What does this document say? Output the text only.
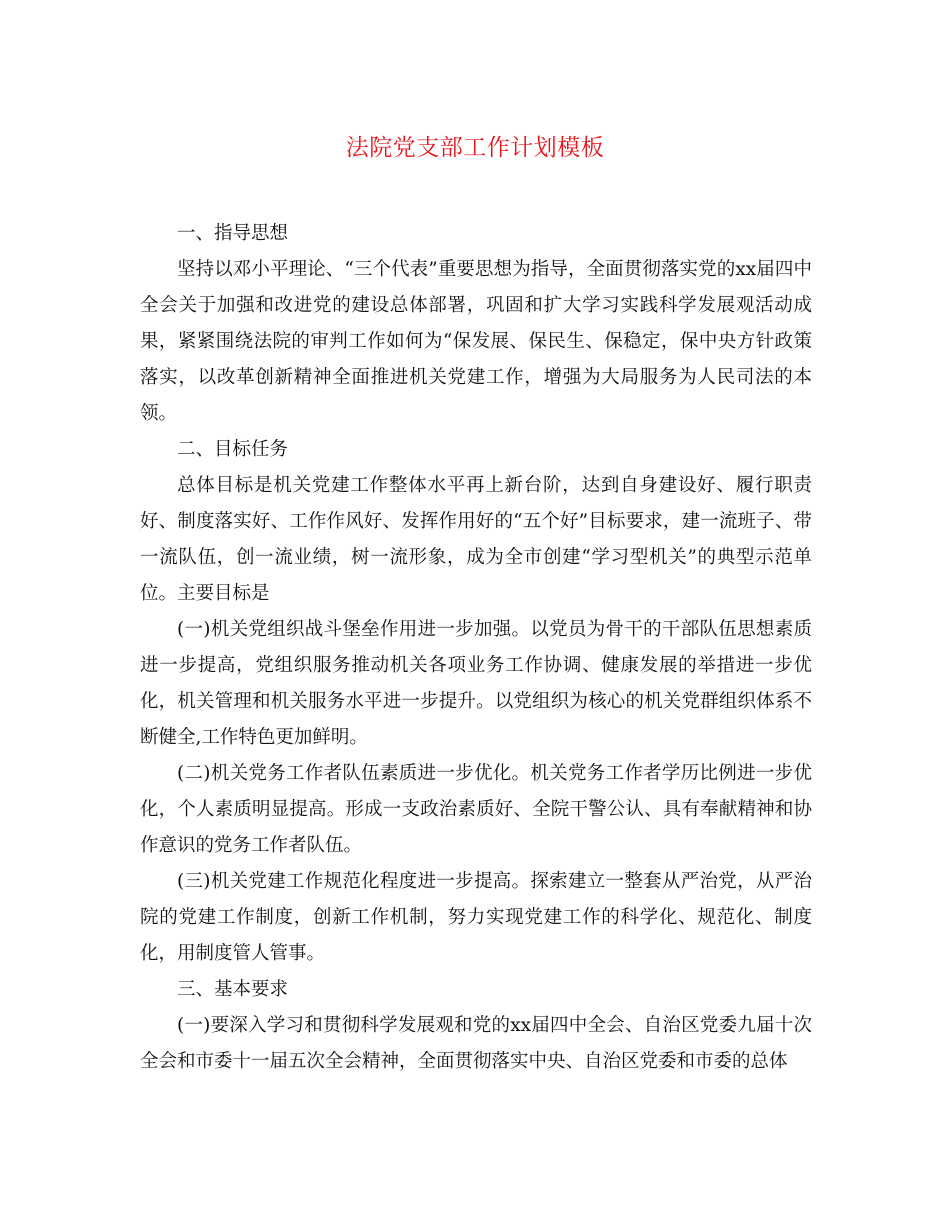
法院党支部工作计划模板

一、指导思想

坚持以邓小平理论、“三个代表”重要思想为指导，全面贯彻落实党的xx届四中全会关于加强和改进党的建设总体部署，巩固和扩大学习实践科学发展观活动成果，紧紧围绕法院的审判工作如何为“保发展、保民生、保稳定，保中央方针政策落实，以改革创新精神全面推进机关党建工作，增强为大局服务为人民司法的本领。

二、目标任务

总体目标是机关党建工作整体水平再上新台阶，达到自身建设好、履行职责好、制度落实好、工作作风好、发挥作用好的“五个好”目标要求，建一流班子、带一流队伍，创一流业绩，树一流形象，成为全市创建“学习型机关”的典型示范单位。主要目标是

(一)机关党组织战斗堡垒作用进一步加强。以党员为骨干的干部队伍思想素质进一步提高，党组织服务推动机关各项业务工作协调、健康发展的举措进一步优化，机关管理和机关服务水平进一步提升。以党组织为核心的机关党群组织体系不断健全,工作特色更加鲜明。

(二)机关党务工作者队伍素质进一步优化。机关党务工作者学历比例进一步优化，个人素质明显提高。形成一支政治素质好、全院干警公认、具有奉献精神和协作意识的党务工作者队伍。

(三)机关党建工作规范化程度进一步提高。探索建立一整套从严治党，从严治院的党建工作制度，创新工作机制，努力实现党建工作的科学化、规范化、制度化，用制度管人管事。

三、基本要求

(一)要深入学习和贯彻科学发展观和党的xx届四中全会、自治区党委九届十次全会和市委十一届五次全会精神，全面贯彻落实中央、自治区党委和市委的总体
